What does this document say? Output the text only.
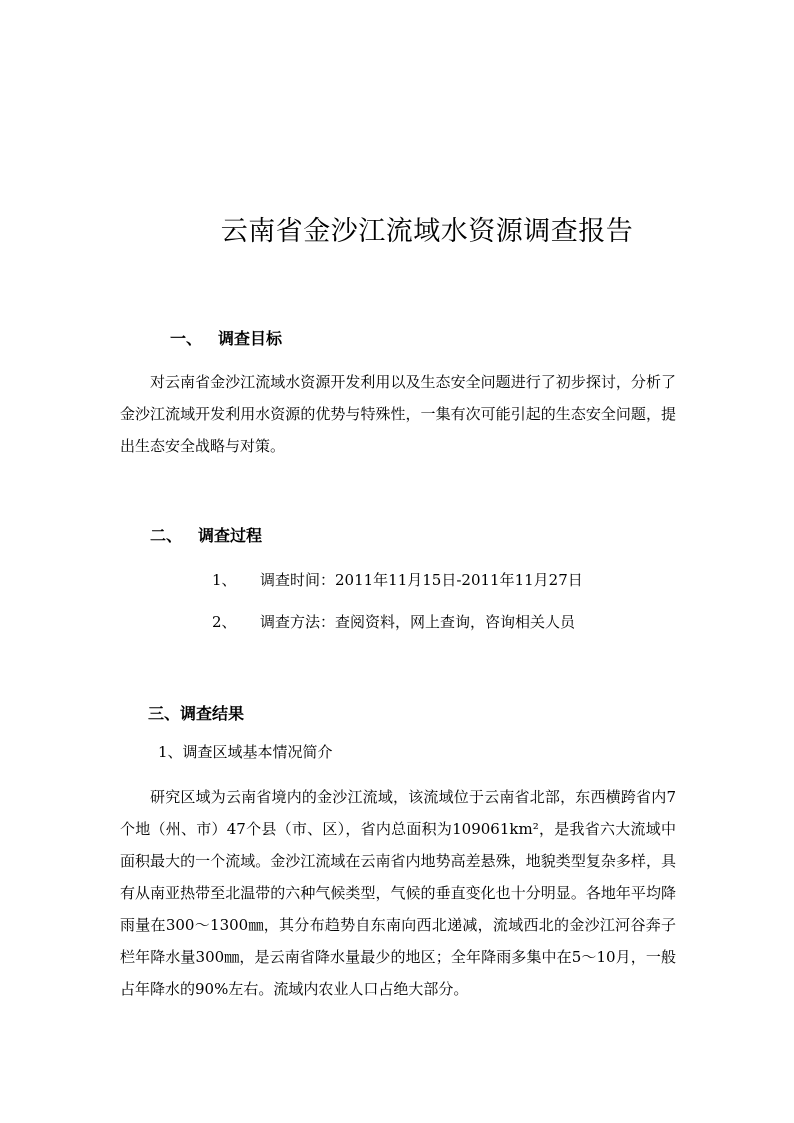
云南省金沙江流域水资源调查报告
一、 调查目标

对云南省金沙江流域水资源开发利用以及生态安全问题进行了初步探讨，分析了金沙江流域开发利用水资源的优势与特殊性，一集有次可能引起的生态安全问题，提出生态安全战略与对策。

二、 调查过程
1、 调查时间：2011年11月15日-2011年11月27日
2、 调查方法：查阅资料，网上查询，咨询相关人员
三、调查结果
1、调查区域基本情况简介

研究区域为云南省境内的金沙江流域，该流域位于云南省北部，东西横跨省内7个地（州、市）47个县（市、区），省内总面积为109061km²，是我省六大流域中面积最大的一个流域。金沙江流域在云南省内地势高差悬殊，地貌类型复杂多样，具有从南亚热带至北温带的六种气候类型，气候的垂直变化也十分明显。各地年平均降雨量在300～1300㎜，其分布趋势自东南向西北递减，流域西北的金沙江河谷奔子栏年降水量300㎜，是云南省降水量最少的地区；全年降雨多集中在5～10月，一般占年降水的90%左右。流域内农业人口占绝大部分。
